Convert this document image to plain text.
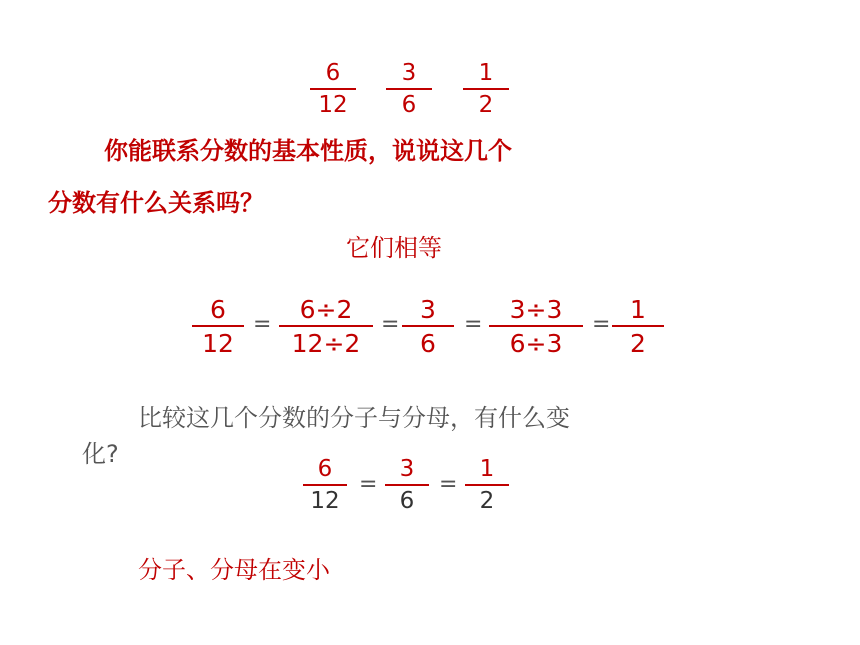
6
12
3
6
1
2
你能联系分数的基本性质，说说这几个
分数有什么关系吗？
它们相等
6
12
=
6÷2
12÷2
=
3
6
=
3÷3
6÷3
=
1
2
比较这几个分数的分子与分母，有什么变
化?
6
12
=
3
6
=
1
2
分子、分母在变小
